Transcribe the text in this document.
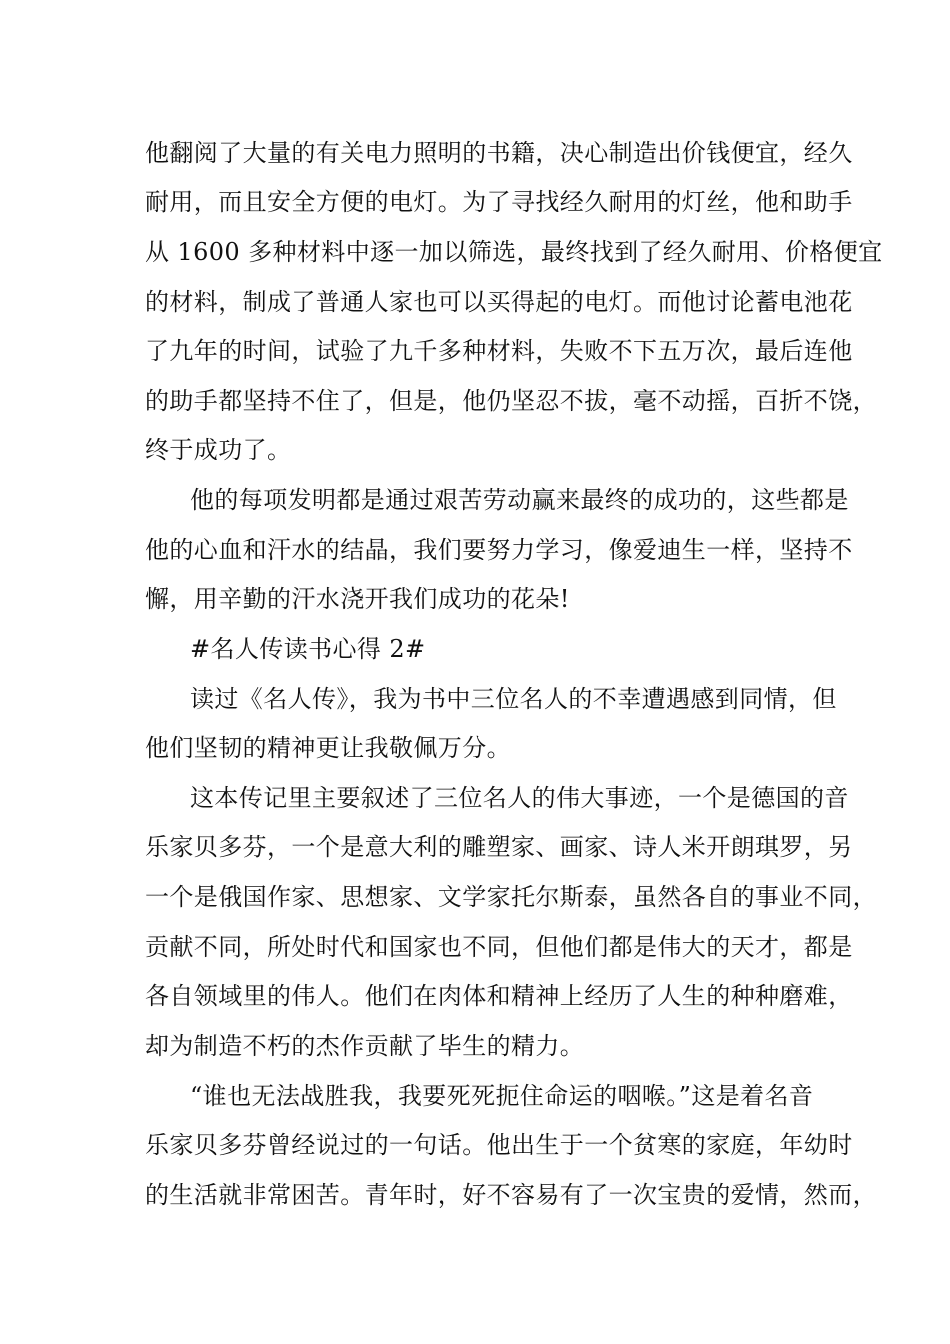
他翻阅了大量的有关电力照明的书籍，决心制造出价钱便宜，经久
耐用，而且安全方便的电灯。为了寻找经久耐用的灯丝，他和助手
从 1600 多种材料中逐一加以筛选，最终找到了经久耐用、价格便宜
的材料，制成了普通人家也可以买得起的电灯。而他讨论蓄电池花
了九年的时间，试验了九千多种材料，失败不下五万次，最后连他
的助手都坚持不住了，但是，他仍坚忍不拔，毫不动摇，百折不饶，
终于成功了。
他的每项发明都是通过艰苦劳动赢来最终的成功的，这些都是
他的心血和汗水的结晶，我们要努力学习，像爱迪生一样，坚持不
懈，用辛勤的汗水浇开我们成功的花朵!
#名人传读书心得 2#
读过《名人传》，我为书中三位名人的不幸遭遇感到同情，但
他们坚韧的精神更让我敬佩万分。
这本传记里主要叙述了三位名人的伟大事迹，一个是德国的音
乐家贝多芬，一个是意大利的雕塑家、画家、诗人米开朗琪罗，另
一个是俄国作家、思想家、文学家托尔斯泰，虽然各自的事业不同，
贡献不同，所处时代和国家也不同，但他们都是伟大的天才，都是
各自领域里的伟人。他们在肉体和精神上经历了人生的种种磨难，
却为制造不朽的杰作贡献了毕生的精力。
“谁也无法战胜我，我要死死扼住命运的咽喉。”这是着名音
乐家贝多芬曾经说过的一句话。他出生于一个贫寒的家庭，年幼时
的生活就非常困苦。青年时，好不容易有了一次宝贵的爱情，然而，
